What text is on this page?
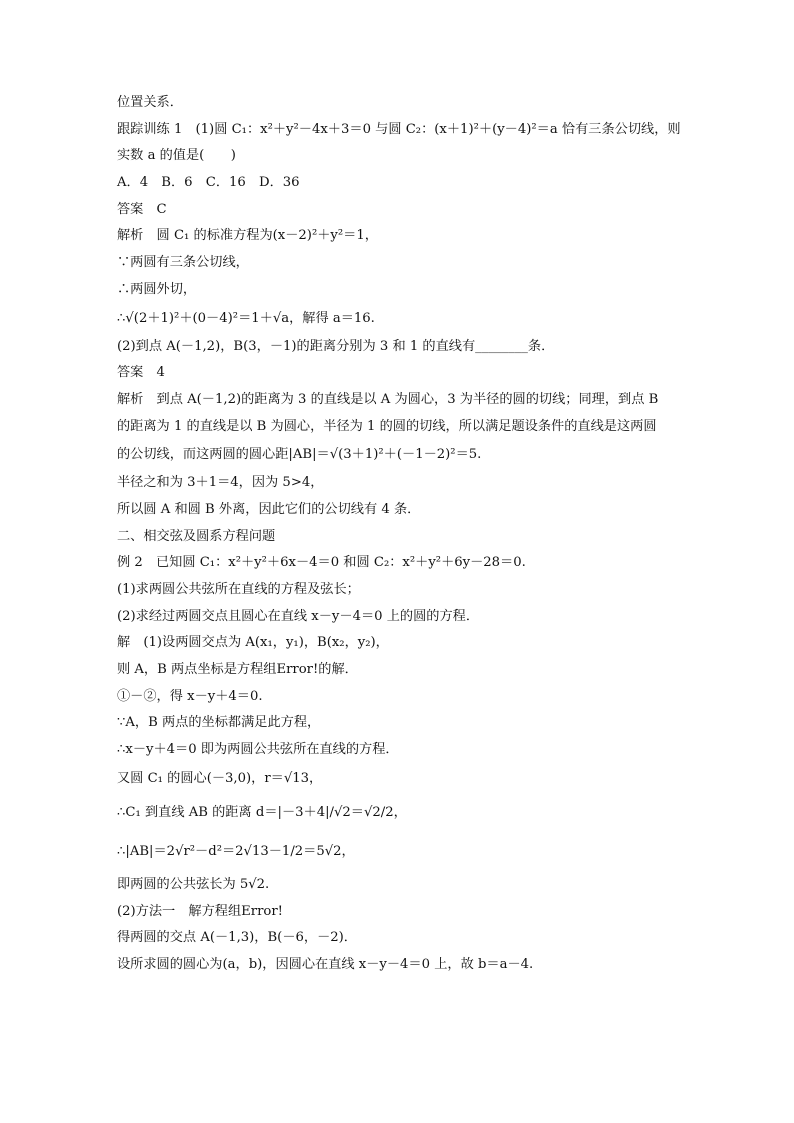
位置关系．
跟踪训练 1　(1)圆 C₁：x²＋y²－4x＋3＝0 与圆 C₂：(x＋1)²＋(y－4)²＝a 恰有三条公切线，则
实数 a 的值是(　　)
A．4　B．6　C．16　D．36
答案　C
解析　圆 C₁ 的标准方程为(x－2)²＋y²＝1，
∵两圆有三条公切线，
∴两圆外切，
∴√(2＋1)²＋(0－4)²＝1＋√a，解得 a＝16.
(2)到点 A(－1,2)，B(3，－1)的距离分别为 3 和 1 的直线有________条．
答案　4
解析　到点 A(－1,2)的距离为 3 的直线是以 A 为圆心，3 为半径的圆的切线；同理，到点 B
的距离为 1 的直线是以 B 为圆心，半径为 1 的圆的切线，所以满足题设条件的直线是这两圆
的公切线，而这两圆的圆心距|AB|＝√(3＋1)²＋(－1－2)²＝5.
半径之和为 3＋1＝4，因为 5>4，
所以圆 A 和圆 B 外离，因此它们的公切线有 4 条．
二、相交弦及圆系方程问题
例 2　已知圆 C₁：x²＋y²＋6x－4＝0 和圆 C₂：x²＋y²＋6y－28＝0.
(1)求两圆公共弦所在直线的方程及弦长；
(2)求经过两圆交点且圆心在直线 x－y－4＝0 上的圆的方程．
解　(1)设两圆交点为 A(x₁，y₁)，B(x₂，y₂)，
则 A，B 两点坐标是方程组Error!的解．
①－②，得 x－y＋4＝0.
∵A，B 两点的坐标都满足此方程，
∴x－y＋4＝0 即为两圆公共弦所在直线的方程．
又圆 C₁ 的圆心(－3,0)，r＝√13，
∴C₁ 到直线 AB 的距离 d＝|－3＋4|/√2＝√2/2，
∴|AB|＝2√r²－d²＝2√13－1/2＝5√2，
即两圆的公共弦长为 5√2.
(2)方法一　解方程组Error!
得两圆的交点 A(－1,3)，B(－6，－2)．
设所求圆的圆心为(a，b)，因圆心在直线 x－y－4＝0 上，故 b＝a－4.
